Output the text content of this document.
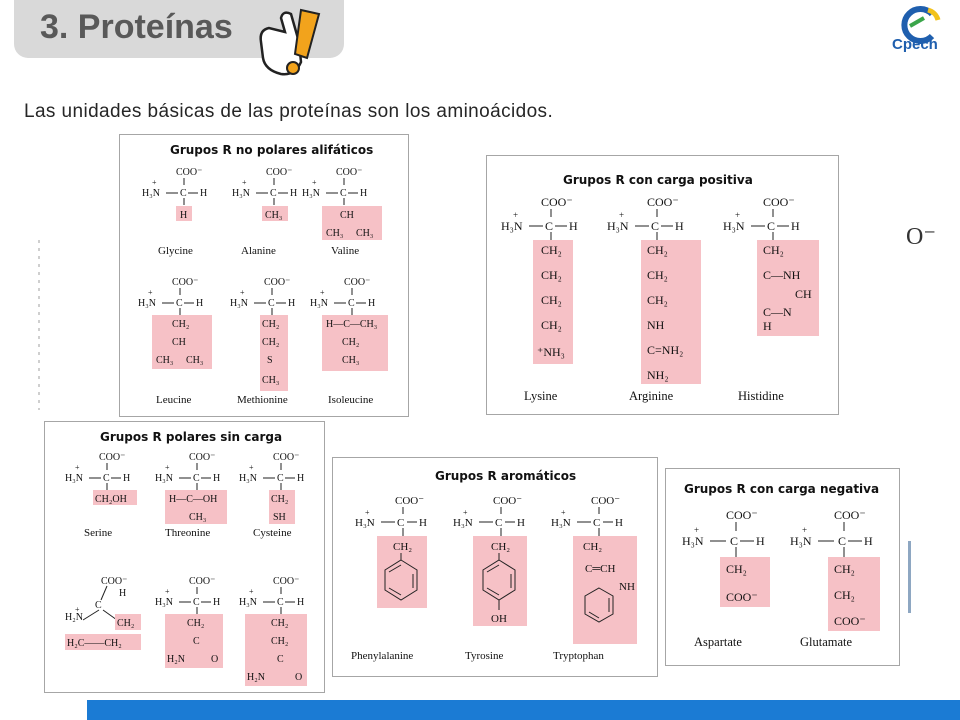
3. Proteínas	Cpech
Las unidades básicas de las proteínas son los aminoácidos.
Grupos R no polares alifáticos
COO⁻
H₃N
+
C H
H
Glycine
COO⁻
H₃N
+
C H
CH₃
Alanine
COO⁻
H₃N
+
C H
CH
CH₃ CH₃
Valine
COO⁻
H₃N
+
C H
CH₂
CH
CH₃ CH₃
Leucine
COO⁻
H₃N
+
C H
CH₂
CH₂
S
CH₃
Methionine
COO⁻
H₃N
+
C H
H—C—CH₃
CH₂
CH₃
Isoleucine
Grupos R con carga positiva
COO⁻
H₃N
+
C H
CH₂
CH₂
CH₂
CH₂
⁺NH₃
Lysine
COO⁻
H₃N
+
C H
CH₂
CH₂
CH₂
NH
C=NH₂
NH₂
Arginine
COO⁻
H₃N
+
C H
CH₂
C—NH
CH
C—N
H
Histidine
Grupos R polares sin carga
COO⁻
H₃N
+
C H
CH₂OH
Serine
COO⁻
H₃N
+
C H
H—C—OH
CH₃
Threonine
COO⁻
H₃N
+
C H
CH₂
SH
Cysteine
COO⁻
H
C
H₂N
+
CH₂
H₂C——CH₂
COO⁻
H₃N
+
C H
CH₂
C
H₂N	O
COO⁻
H₃N
+
C H
CH₂
CH₂
C
H₂N	O
Grupos R aromáticos
COO⁻
H₃N
+
C H
CH₂
Phenylalanine
COO⁻
H₃N
+
C H
CH₂
OH
Tyrosine
COO⁻
H₃N
+
C H
CH₂
C═CH
NH
Tryptophan
Grupos R con carga negativa
COO⁻
H₃N
+
C H
CH₂
COO⁻
Aspartate
COO⁻
H₃N
+
C H
CH₂
CH₂
COO⁻
Glutamate
O⁻
